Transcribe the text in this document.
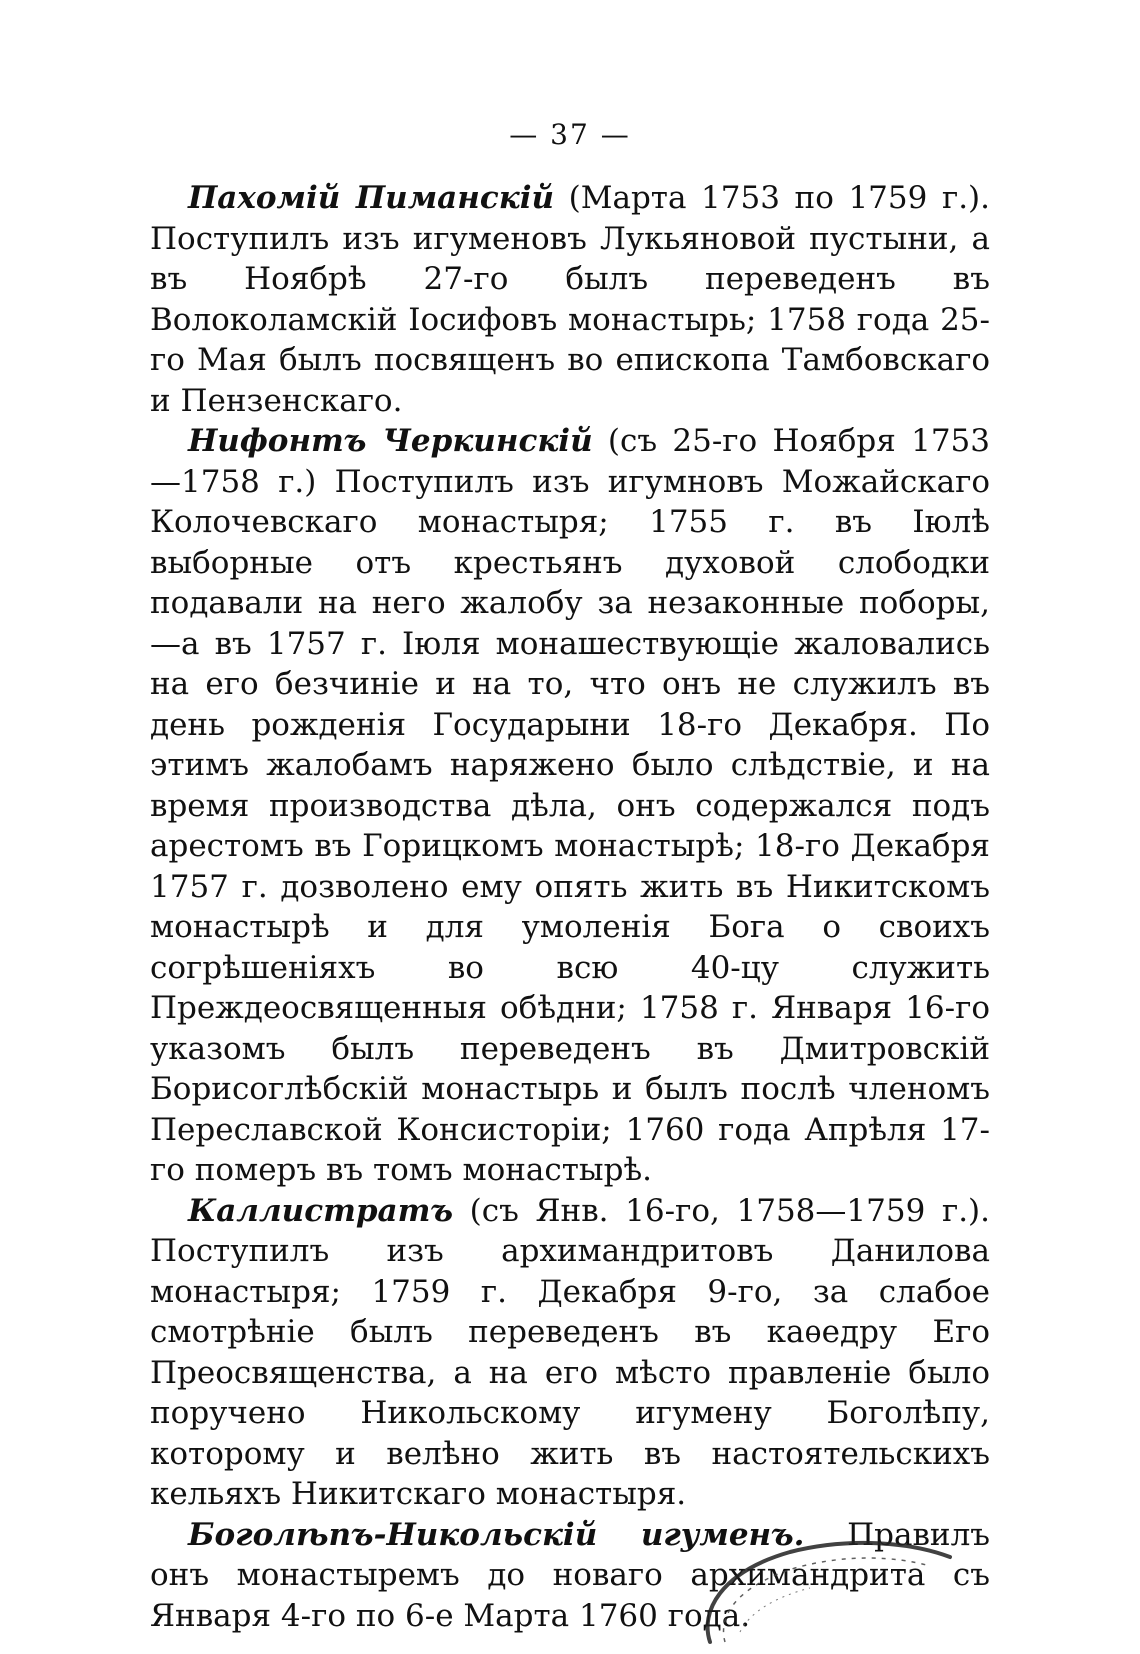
— 37 —

Пахомій Пиманскій (Марта 1753 по 1759 г.). Поступилъ изъ игуменовъ Лукьяновой пустыни, а въ Ноябрѣ 27-го былъ переведенъ въ Волоколамскій Іосифовъ монастырь; 1758 года 25-го Мая былъ посвященъ во епископа Тамбовскаго и Пензенскаго.

Нифонтъ Черкинскій (съ 25-го Ноября 1753—1758 г.) Поступилъ изъ игумновъ Можайскаго Колочевскаго монастыря; 1755 г. въ Іюлѣ выборные отъ крестьянъ духовой слободки подавали на него жалобу за незаконные поборы,—а въ 1757 г. Іюля монашествующіе жаловались на его безчиніе и на то, что онъ не служилъ въ день рожденія Государыни 18-го Декабря. По этимъ жалобамъ наряжено было слѣдствіе, и на время производства дѣла, онъ содержался подъ арестомъ въ Горицкомъ монастырѣ; 18-го Декабря 1757 г. дозволено ему опять жить въ Никитскомъ монастырѣ и для умоленія Бога о своихъ согрѣшеніяхъ во всю 40-цу служить Преждеосвященныя обѣдни; 1758 г. Января 16-го указомъ былъ переведенъ въ Дмитровскій Борисоглѣбскій монастырь и былъ послѣ членомъ Переславской Консисторіи; 1760 года Апрѣля 17-го померъ въ томъ монастырѣ.

Каллистратъ (съ Янв. 16-го, 1758—1759 г.). Поступилъ изъ архимандритовъ Данилова монастыря; 1759 г. Декабря 9-го, за слабое смотрѣніе былъ переведенъ въ каѳедру Его Преосвященства, а на его мѣсто правленіе было поручено Никольскому игумену Боголѣпу, которому и велѣно жить въ настоятельскихъ кельяхъ Никитскаго монастыря.

Боголѣпъ-Никольскій игуменъ. Правилъ онъ монастыремъ до новаго архимандрита съ Января 4-го по 6-е Марта 1760 года.
